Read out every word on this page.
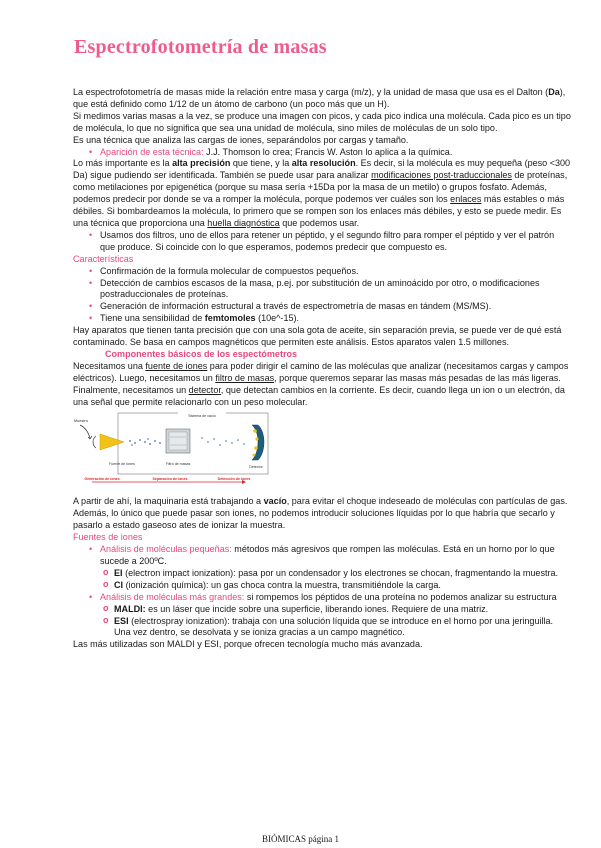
Espectrofotometría de masas

La espectrofotometría de masas mide la relación entre masa y carga (m/z), y la unidad de masa que usa es el Dalton (Da), que está definido como 1/12 de un átomo de carbono (un poco más que un H).

Si medimos varias masas a la vez, se produce una imagen con picos, y cada pico indica una molécula. Cada pico es un tipo de molécula, lo que no significa que sea una unidad de molécula, sino miles de moléculas de un solo tipo.

Es una técnica que analiza las cargas de iones, separándolos por cargas y tamaño.

• Aparición de esta técnica: J.J. Thomson lo crea; Francis W. Aston lo aplica a la química.

Lo más importante es la alta precisión que tiene, y la alta resolución. Es decir, si la molécula es muy pequeña (peso <300 Da) sigue pudiendo ser identificada. También se puede usar para analizar modificaciones post-traduccionales de proteínas, como metilaciones por epigenética (porque su masa sería +15Da por la masa de un metilo) o grupos fosfato. Además, podemos predecir por donde se va a romper la molécula, porque podemos ver cuáles son los enlaces más estables o más débiles. Si bombardeamos la molécula, lo primero que se rompen son los enlaces más débiles, y esto se puede medir. Es una técnica que proporciona una huella diagnóstica que podemos usar.

• Usamos dos filtros, uno de ellos para retener un péptido, y el segundo filtro para romper el péptido y ver el patrón que produce. Si coincide con lo que esperamos, podemos predecir que compuesto es.

Características

• Confirmación de la formula molecular de compuestos pequeños.
• Detección de cambios escasos de la masa, p.ej. por substitución de un aminoácido por otro, o modificaciones postraduccionales de proteínas.
• Generación de información estructural a través de espectrometría de masas en tándem (MS/MS).
• Tiene una sensibilidad de femtomoles (10e^-15).

Hay aparatos que tienen tanta precisión que con una sola gota de aceite, sin separación previa, se puede ver de qué está contaminado. Se basa en campos magnéticos que permiten este análisis. Estos aparatos valen 1.5 millones.

Componentes básicos de los espectómetros

Necesitamos una fuente de iones para poder dirigir el camino de las moléculas que analizar (necesitamos cargas y campos eléctricos). Luego, necesitamos un filtro de masas, porque queremos separar las masas más pesadas de las más ligeras. Finalmente, necesitamos un detector, que detectan cambios en la corriente. Es decir, cuando llega un ion o un electrón, da una señal que permite relacionarlo con un peso molecular.

Sistema de vacío
Muestra
Fuente de iones	Filtro de masas
Detector
Generación de iones	Separación de iones	Detección de iones

A partir de ahí, la maquinaria está trabajando a vacío, para evitar el choque indeseado de moléculas con partículas de gas. Además, lo único que puede pasar son iones, no podemos introducir soluciones líquidas por lo que habría que secarlo y pasarlo a estado gaseoso ates de ionizar la muestra.

Fuentes de iones

• Análisis de moléculas pequeñas: métodos más agresivos que rompen las moléculas. Está en un horno por lo que sucede a 200ºC.
o EI (electron impact ionization): pasa por un condensador y los electrones se chocan, fragmentando la muestra.
o CI (ionización química): un gas choca contra la muestra, transmitiéndole la carga.
• Análisis de moléculas más grandes: si rompemos los péptidos de una proteína no podemos analizar su estructura
o MALDI: es un láser que incide sobre una superficie, liberando iones. Requiere de una matriz.
o ESI (electrospray ionization): trabaja con una solución líquida que se introduce en el horno por una jeringuilla. Una vez dentro, se desolvata y se ioniza gracias a un campo magnético.

Las más utilizadas son MALDI y ESI, porque ofrecen tecnología mucho más avanzada.

BIÓMICAS página 1
